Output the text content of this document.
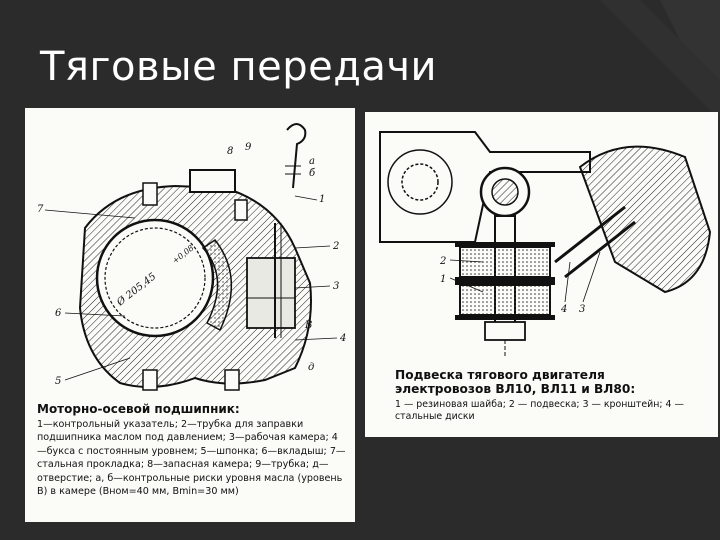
Тяговые передачи
8 9
а
б
1
7
2
3
4
5
6
д
В
Ø 205,45
+0,08
Моторно-осевой подшипник:
1—контрольный указатель; 2—трубка для заправки подшипника маслом под давлением; 3—рабочая камера; 4—букса с постоянным уровнем; 5—шпонка; 6—вкладыш; 7—стальная прокладка; 8—запасная камера; 9—трубка; д—отверстие; а, б—контрольные риски уровня масла (уровень В) в камере (Вном=40 мм, Вmin=30 мм)
2
1
4 3
Подвеска тягового двигателя электровозов ВЛ10, ВЛ11 и ВЛ80:
1 — резиновая шайба; 2 — подвеска; 3 — кронштейн; 4 — стальные диски
